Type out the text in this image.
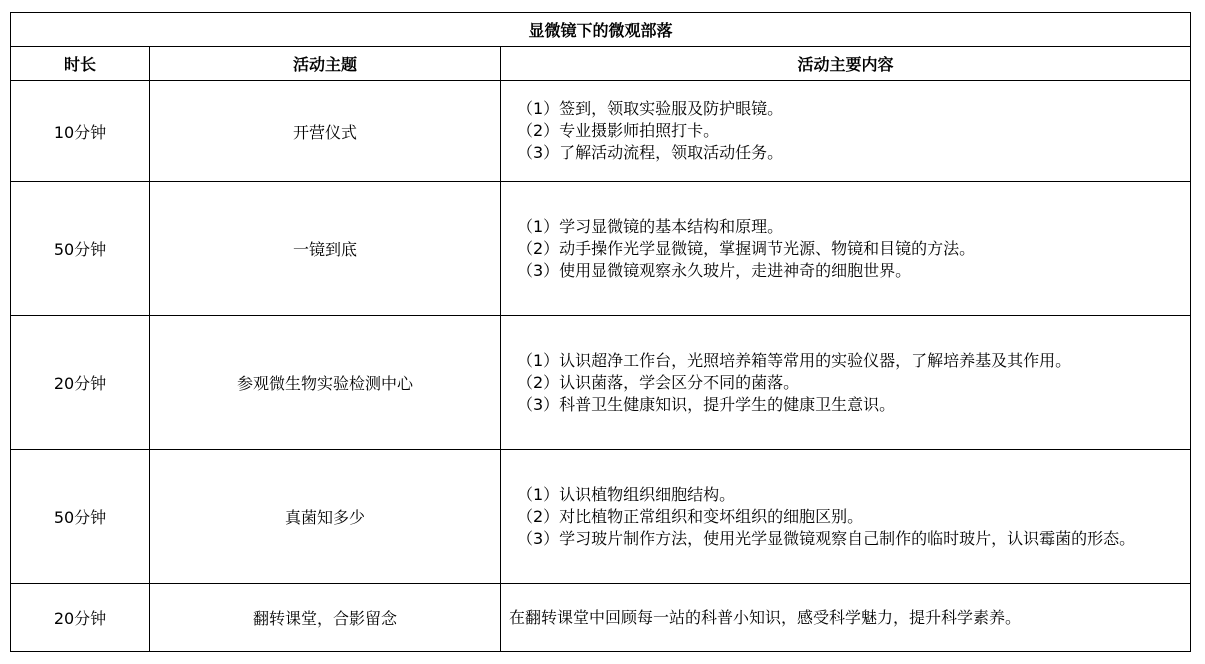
显微镜下的微观部落		
时长	活动主题	活动主要内容
10分钟	开营仪式	（1）签到，领取实验服及防护眼镜。
（2）专业摄影师拍照打卡。
（3）了解活动流程，领取活动任务。

50分钟	一镜到底	（1）学习显微镜的基本结构和原理。
（2）动手操作光学显微镜，掌握调节光源、物镜和目镜的方法。
（3）使用显微镜观察永久玻片，走进神奇的细胞世界。

20分钟	参观微生物实验检测中心	（1）认识超净工作台，光照培养箱等常用的实验仪器，了解培养基及其作用。
（2）认识菌落，学会区分不同的菌落。
（3）科普卫生健康知识，提升学生的健康卫生意识。

50分钟	真菌知多少	（1）认识植物组织细胞结构。
（2）对比植物正常组织和变坏组织的细胞区别。
（3）学习玻片制作方法，使用光学显微镜观察自己制作的临时玻片，认识霉菌的形态。

20分钟	翻转课堂，合影留念	在翻转课堂中回顾每一站的科普小知识，感受科学魅力，提升科学素养。
